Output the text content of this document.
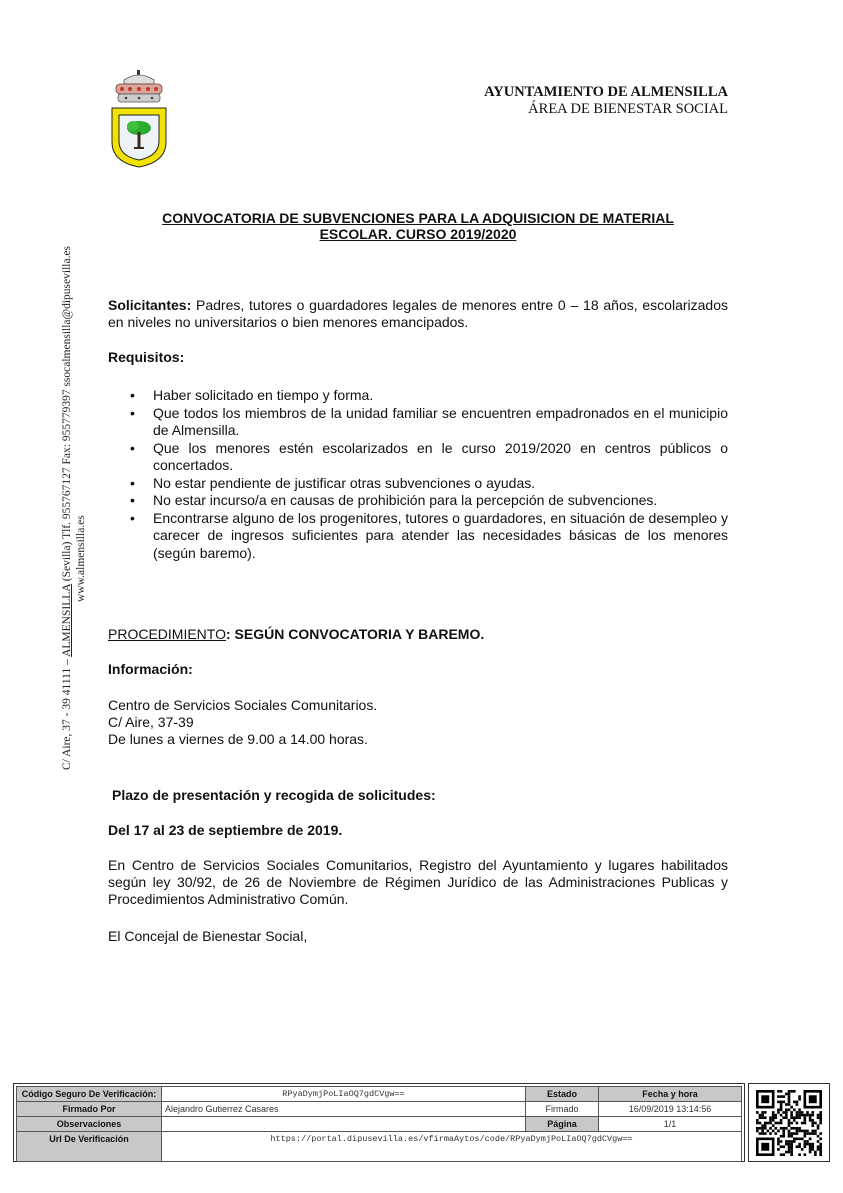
AYUNTAMIENTO DE ALMENSILLA
ÁREA DE BIENESTAR SOCIAL
C/ Aire, 37 - 39 41111 – ALMENSILLA (Sevilla) Tlf. 955767127 Fax: 955779397 ssocalmensilla@dipusevilla.es www.almensilla.es
CONVOCATORIA DE SUBVENCIONES PARA LA ADQUISICION DE MATERIAL
ESCOLAR. CURSO 2019/2020
Solicitantes: Padres, tutores o guardadores legales de menores entre 0 – 18 años, escolarizados en niveles no universitarios o bien menores emancipados.
Requisitos:
• Haber solicitado en tiempo y forma.
• Que todos los miembros de la unidad familiar se encuentren empadronados en el municipio de Almensilla.
• Que los menores estén escolarizados en le curso 2019/2020 en centros públicos o concertados.
• No estar pendiente de justificar otras subvenciones o ayudas.
• No estar incurso/a en causas de prohibición para la percepción de subvenciones.
• Encontrarse alguno de los progenitores, tutores o guardadores, en situación de desempleo y carecer de ingresos suficientes para atender las necesidades básicas de los menores (según baremo).
PROCEDIMIENTO: SEGÚN CONVOCATORIA Y BAREMO.
Información:
Centro de Servicios Sociales Comunitarios.
C/ Aire, 37-39
De lunes a viernes de 9.00 a 14.00 horas.
Plazo de presentación y recogida de solicitudes:
Del 17 al 23 de septiembre de 2019.
En Centro de Servicios Sociales Comunitarios, Registro del Ayuntamiento y lugares habilitados según ley 30/92, de 26 de Noviembre de Régimen Jurídico de las Administraciones Publicas y Procedimientos Administrativo Común.
El Concejal de Bienestar Social,
Código Seguro De Verificación:	RPyaDymjPoLIaOQ7gdCVgw==	Estado	Fecha y hora
Firmado Por	Alejandro Gutierrez Casares	Firmado	16/09/2019 13:14:56
Observaciones		Página	1/1
Url De Verificación	https://portal.dipusevilla.es/vfirmaAytos/code/RPyaDymjPoLIaOQ7gdCVgw==		
